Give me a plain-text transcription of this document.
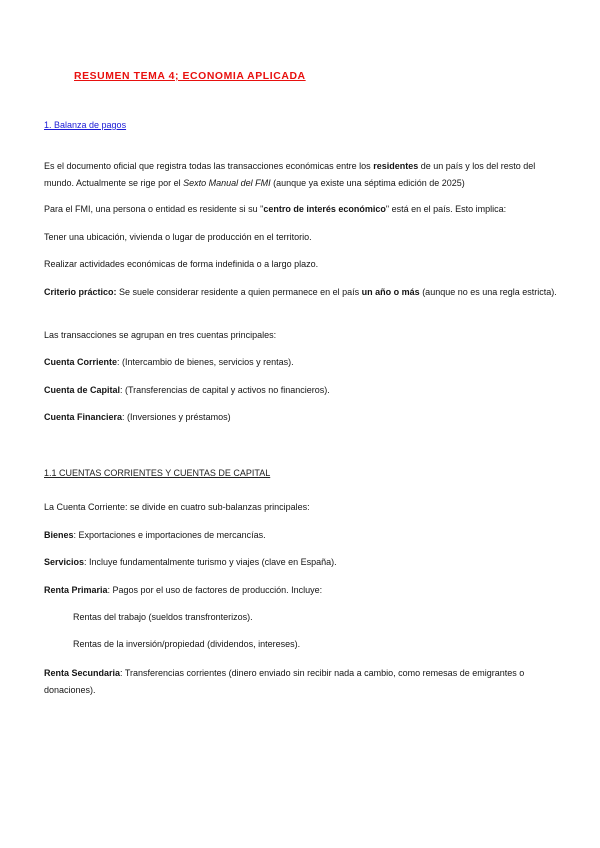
RESUMEN TEMA 4; ECONOMIA APLICADA
1. Balanza de pagos

Es el documento oficial que registra todas las transacciones económicas entre los residentes de un país y los del resto del mundo. Actualmente se rige por el Sexto Manual del FMI (aunque ya existe una séptima edición de 2025)

Para el FMI, una persona o entidad es residente si su "centro de interés económico" está en el país. Esto implica:

Tener una ubicación, vivienda o lugar de producción en el territorio.

Realizar actividades económicas de forma indefinida o a largo plazo.

Criterio práctico: Se suele considerar residente a quien permanece en el país un año o más (aunque no es una regla estricta).

Las transacciones se agrupan en tres cuentas principales:

Cuenta Corriente: (Intercambio de bienes, servicios y rentas).

Cuenta de Capital: (Transferencias de capital y activos no financieros).

Cuenta Financiera: (Inversiones y préstamos)

1.1 CUENTAS CORRIENTES Y CUENTAS DE CAPITAL

La Cuenta Corriente: se divide en cuatro sub-balanzas principales:

Bienes: Exportaciones e importaciones de mercancías.

Servicios: Incluye fundamentalmente turismo y viajes (clave en España).

Renta Primaria: Pagos por el uso de factores de producción. Incluye:

Rentas del trabajo (sueldos transfronterizos).

Rentas de la inversión/propiedad (dividendos, intereses).

Renta Secundaria: Transferencias corrientes (dinero enviado sin recibir nada a cambio, como remesas de emigrantes o donaciones).
